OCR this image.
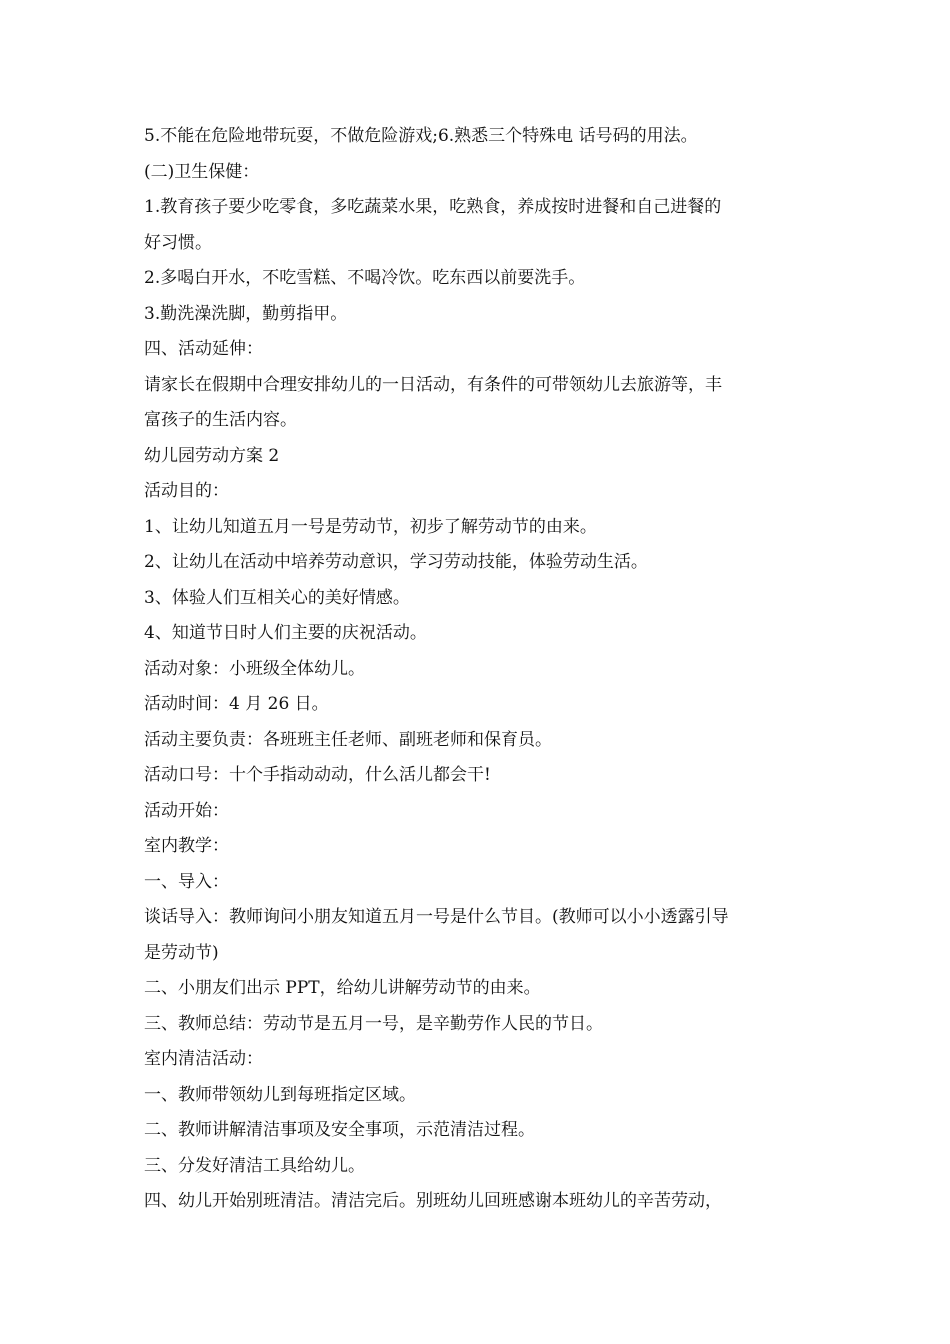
5.不能在危险地带玩耍，不做危险游戏;6.熟悉三个特殊电 话号码的用法。
(二)卫生保健：
1.教育孩子要少吃零食，多吃蔬菜水果，吃熟食，养成按时进餐和自己进餐的
好习惯。
2.多喝白开水，不吃雪糕、不喝冷饮。吃东西以前要洗手。
3.勤洗澡洗脚，勤剪指甲。
四、活动延伸：
请家长在假期中合理安排幼儿的一日活动，有条件的可带领幼儿去旅游等，丰
富孩子的生活内容。
幼儿园劳动方案 2
活动目的：
1、让幼儿知道五月一号是劳动节，初步了解劳动节的由来。
2、让幼儿在活动中培养劳动意识，学习劳动技能，体验劳动生活。
3、体验人们互相关心的美好情感。
4、知道节日时人们主要的庆祝活动。
活动对象：小班级全体幼儿。
活动时间：4 月 26 日。
活动主要负责：各班班主任老师、副班老师和保育员。
活动口号：十个手指动动动，什么活儿都会干!
活动开始：
室内教学：
一、导入：
谈话导入：教师询问小朋友知道五月一号是什么节目。(教师可以小小透露引导
是劳动节)
二、小朋友们出示 PPT，给幼儿讲解劳动节的由来。
三、教师总结：劳动节是五月一号，是辛勤劳作人民的节日。
室内清洁活动：
一、教师带领幼儿到每班指定区域。
二、教师讲解清洁事项及安全事项，示范清洁过程。
三、分发好清洁工具给幼儿。
四、幼儿开始别班清洁。清洁完后。别班幼儿回班感谢本班幼儿的辛苦劳动，
